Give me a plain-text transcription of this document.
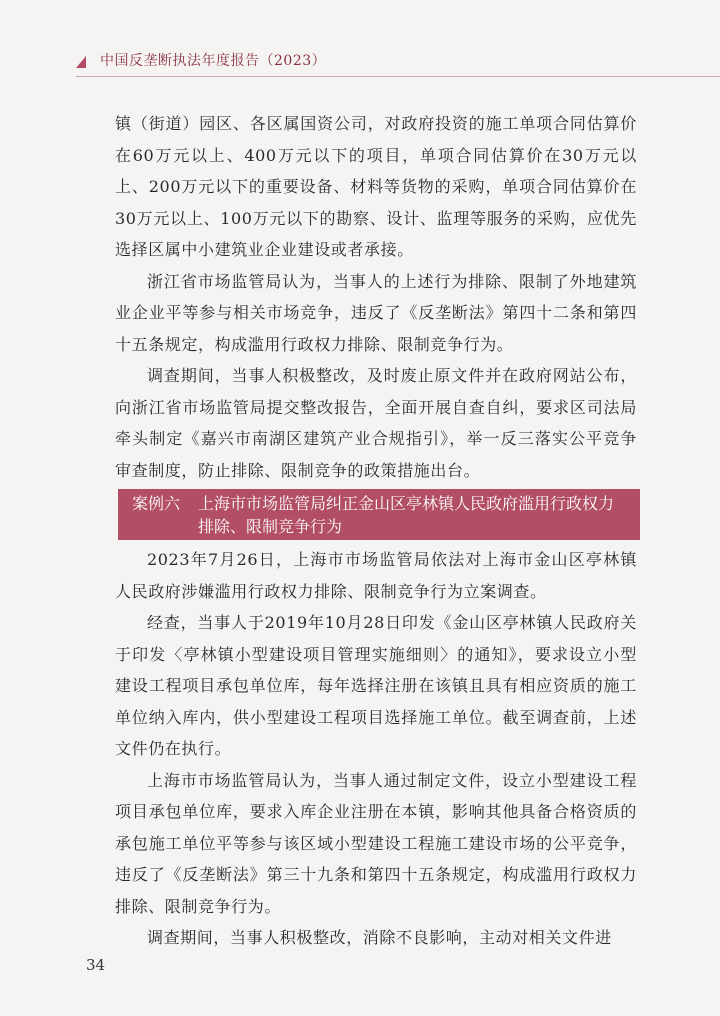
中国反垄断执法年度报告（2023）

镇（街道）园区、各区属国资公司，对政府投资的施工单项合同估算价在60万元以上、400万元以下的项目，单项合同估算价在30万元以上、200万元以下的重要设备、材料等货物的采购，单项合同估算价在30万元以上、100万元以下的勘察、设计、监理等服务的采购，应优先选择区属中小建筑业企业建设或者承接。

浙江省市场监管局认为，当事人的上述行为排除、限制了外地建筑业企业平等参与相关市场竞争，违反了《反垄断法》第四十二条和第四十五条规定，构成滥用行政权力排除、限制竞争行为。

调查期间，当事人积极整改，及时废止原文件并在政府网站公布，向浙江省市场监管局提交整改报告，全面开展自查自纠，要求区司法局牵头制定《嘉兴市南湖区建筑产业合规指引》，举一反三落实公平竞争审查制度，防止排除、限制竞争的政策措施出台。

案例六 上海市市场监管局纠正金山区亭林镇人民政府滥用行政权力排除、限制竞争行为

2023年7月26日，上海市市场监管局依法对上海市金山区亭林镇人民政府涉嫌滥用行政权力排除、限制竞争行为立案调查。

经查，当事人于2019年10月28日印发《金山区亭林镇人民政府关于印发〈亭林镇小型建设项目管理实施细则〉的通知》，要求设立小型建设工程项目承包单位库，每年选择注册在该镇且具有相应资质的施工单位纳入库内，供小型建设工程项目选择施工单位。截至调查前，上述文件仍在执行。

上海市市场监管局认为，当事人通过制定文件，设立小型建设工程项目承包单位库，要求入库企业注册在本镇，影响其他具备合格资质的承包施工单位平等参与该区域小型建设工程施工建设市场的公平竞争，违反了《反垄断法》第三十九条和第四十五条规定，构成滥用行政权力排除、限制竞争行为。

调查期间，当事人积极整改，消除不良影响，主动对相关文件进

34
